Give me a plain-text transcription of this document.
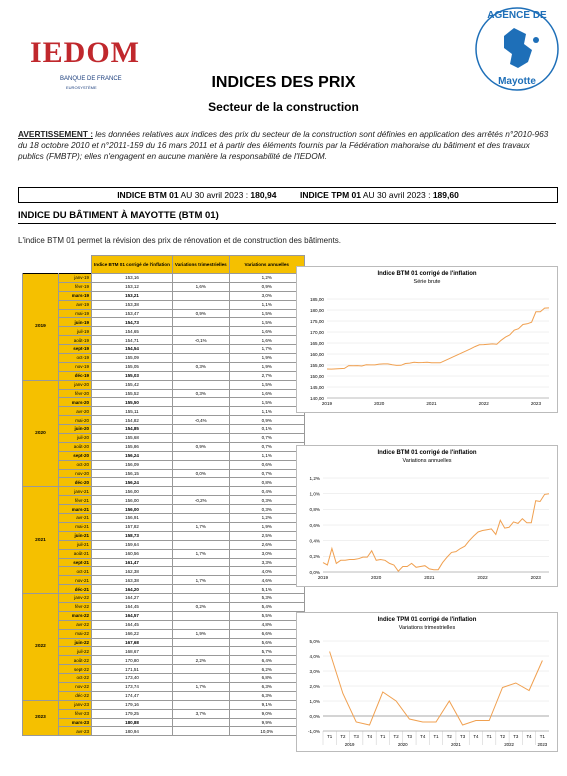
IEDOM
BANQUE DE FRANCE
EUROSYSTÈME
AGENCE DE
Mayotte
INDICES DES PRIX
Secteur de la construction
AVERTISSEMENT : les données relatives aux indices des prix du secteur de la construction sont définies en application des arrêtés n°2010-963 du 18 octobre 2010 et n°2011-159 du 16 mars 2011 et à partir des éléments fournis par la Fédération mahoraise du bâtiment et des travaux publics (FMBTP); elles n'engagent en aucune manière la responsabilité de l'IEDOM.
INDICE BTM 01 AU 30 avril 2023 : 180,94	INDICE TPM 01 AU 30 avril 2023 : 189,60
INDICE DU BÂTIMENT À MAYOTTE (BTM 01)
L'indice BTM 01 permet la révision des prix de rénovation et de construction des bâtiments.
		Indice BTM 01 corrigé de l'inflation	Variations trimestrielles	Variations annuelles
2019	janv-19	153,16		1,2%
	févr-19	153,12	1,6%	0,9%
	mars-19	153,21		3,0%
	avr-19	153,38		1,1%
	mai-19	153,47	0,9%	1,5%
	juin-19	154,73		1,5%
	juil-19	154,65		1,6%
	août-19	154,71	-0,1%	1,6%
	sept-19	154,54		1,7%
	oct-19	155,09		1,9%
	nov-19	155,05	0,3%	1,9%
	déc-19	155,03		2,7%
2020	janv-20	155,42		1,5%
	févr-20	155,52	0,3%	1,6%
	mars-20	155,50		1,5%
	avr-20	155,11		1,1%
	mai-20	154,82	-0,4%	0,9%
	juin-20	154,85		0,1%
	juil-20	155,68		0,7%
	août-20	155,86	0,9%	0,7%
	sept-20	156,24		1,1%
	oct-20	156,09		0,6%
	nov-20	156,15	0,0%	0,7%
	déc-20	156,24		0,8%
2021	janv-21	156,00		0,4%
	févr-21	156,00	-0,2%	0,3%
	mars-21	156,00		0,3%
	avr-21	156,91		1,2%
	mai-21	157,82	1,7%	1,9%
	juin-21	158,73		2,5%
	juil-21	159,64		2,6%
	août-21	160,56	1,7%	3,0%
	sept-21	161,47		3,3%
	oct-21	162,38		4,0%
	nov-21	163,38	1,7%	4,6%
	déc-21	164,20		5,1%
2022	janv-22	164,27		5,3%
	févr-22	164,45	0,2%	5,4%
	mars-22	164,57		5,5%
	avr-22	164,45		4,8%
	mai-22	166,22	1,9%	6,6%
	juin-22	167,68		5,6%
	juil-22	168,67		5,7%
	août-22	170,80	2,2%	6,4%
	sept-22	171,51		6,2%
	oct-22	173,40		6,8%
	nov-22	173,74	1,7%	6,3%
	déc-22	174,47		6,3%
2023	janv-23	179,16		9,1%
	févr-23	179,25	3,7%	9,0%
	mars-23	180,88		9,9%
	avr-23	180,94		10,0%
Indice BTM 01 corrigé de l'inflation
Série brute
140,00
145,00
150,00
155,00
160,00
165,00
170,00
175,00
180,00
185,00
2019	2020	2021	2022	2023
Indice BTM 01 corrigé de l'inflation
Variations annuelles
0,0%
0,2%
0,4%
0,6%
0,8%
1,0%
1,2%
2019	2020	2021	2022	2023
Indice TPM 01 corrigé de l'inflation
Variations trimestrielles
-1,0%
0,0%
1,0%
2,0%
3,0%
4,0%
5,0%
T1 T2 T3 T4 T1 T2 T3 T4 T1 T2 T3 T4 T1 T2 T3 T4 T1
2019	2020	2021	2022	2023
